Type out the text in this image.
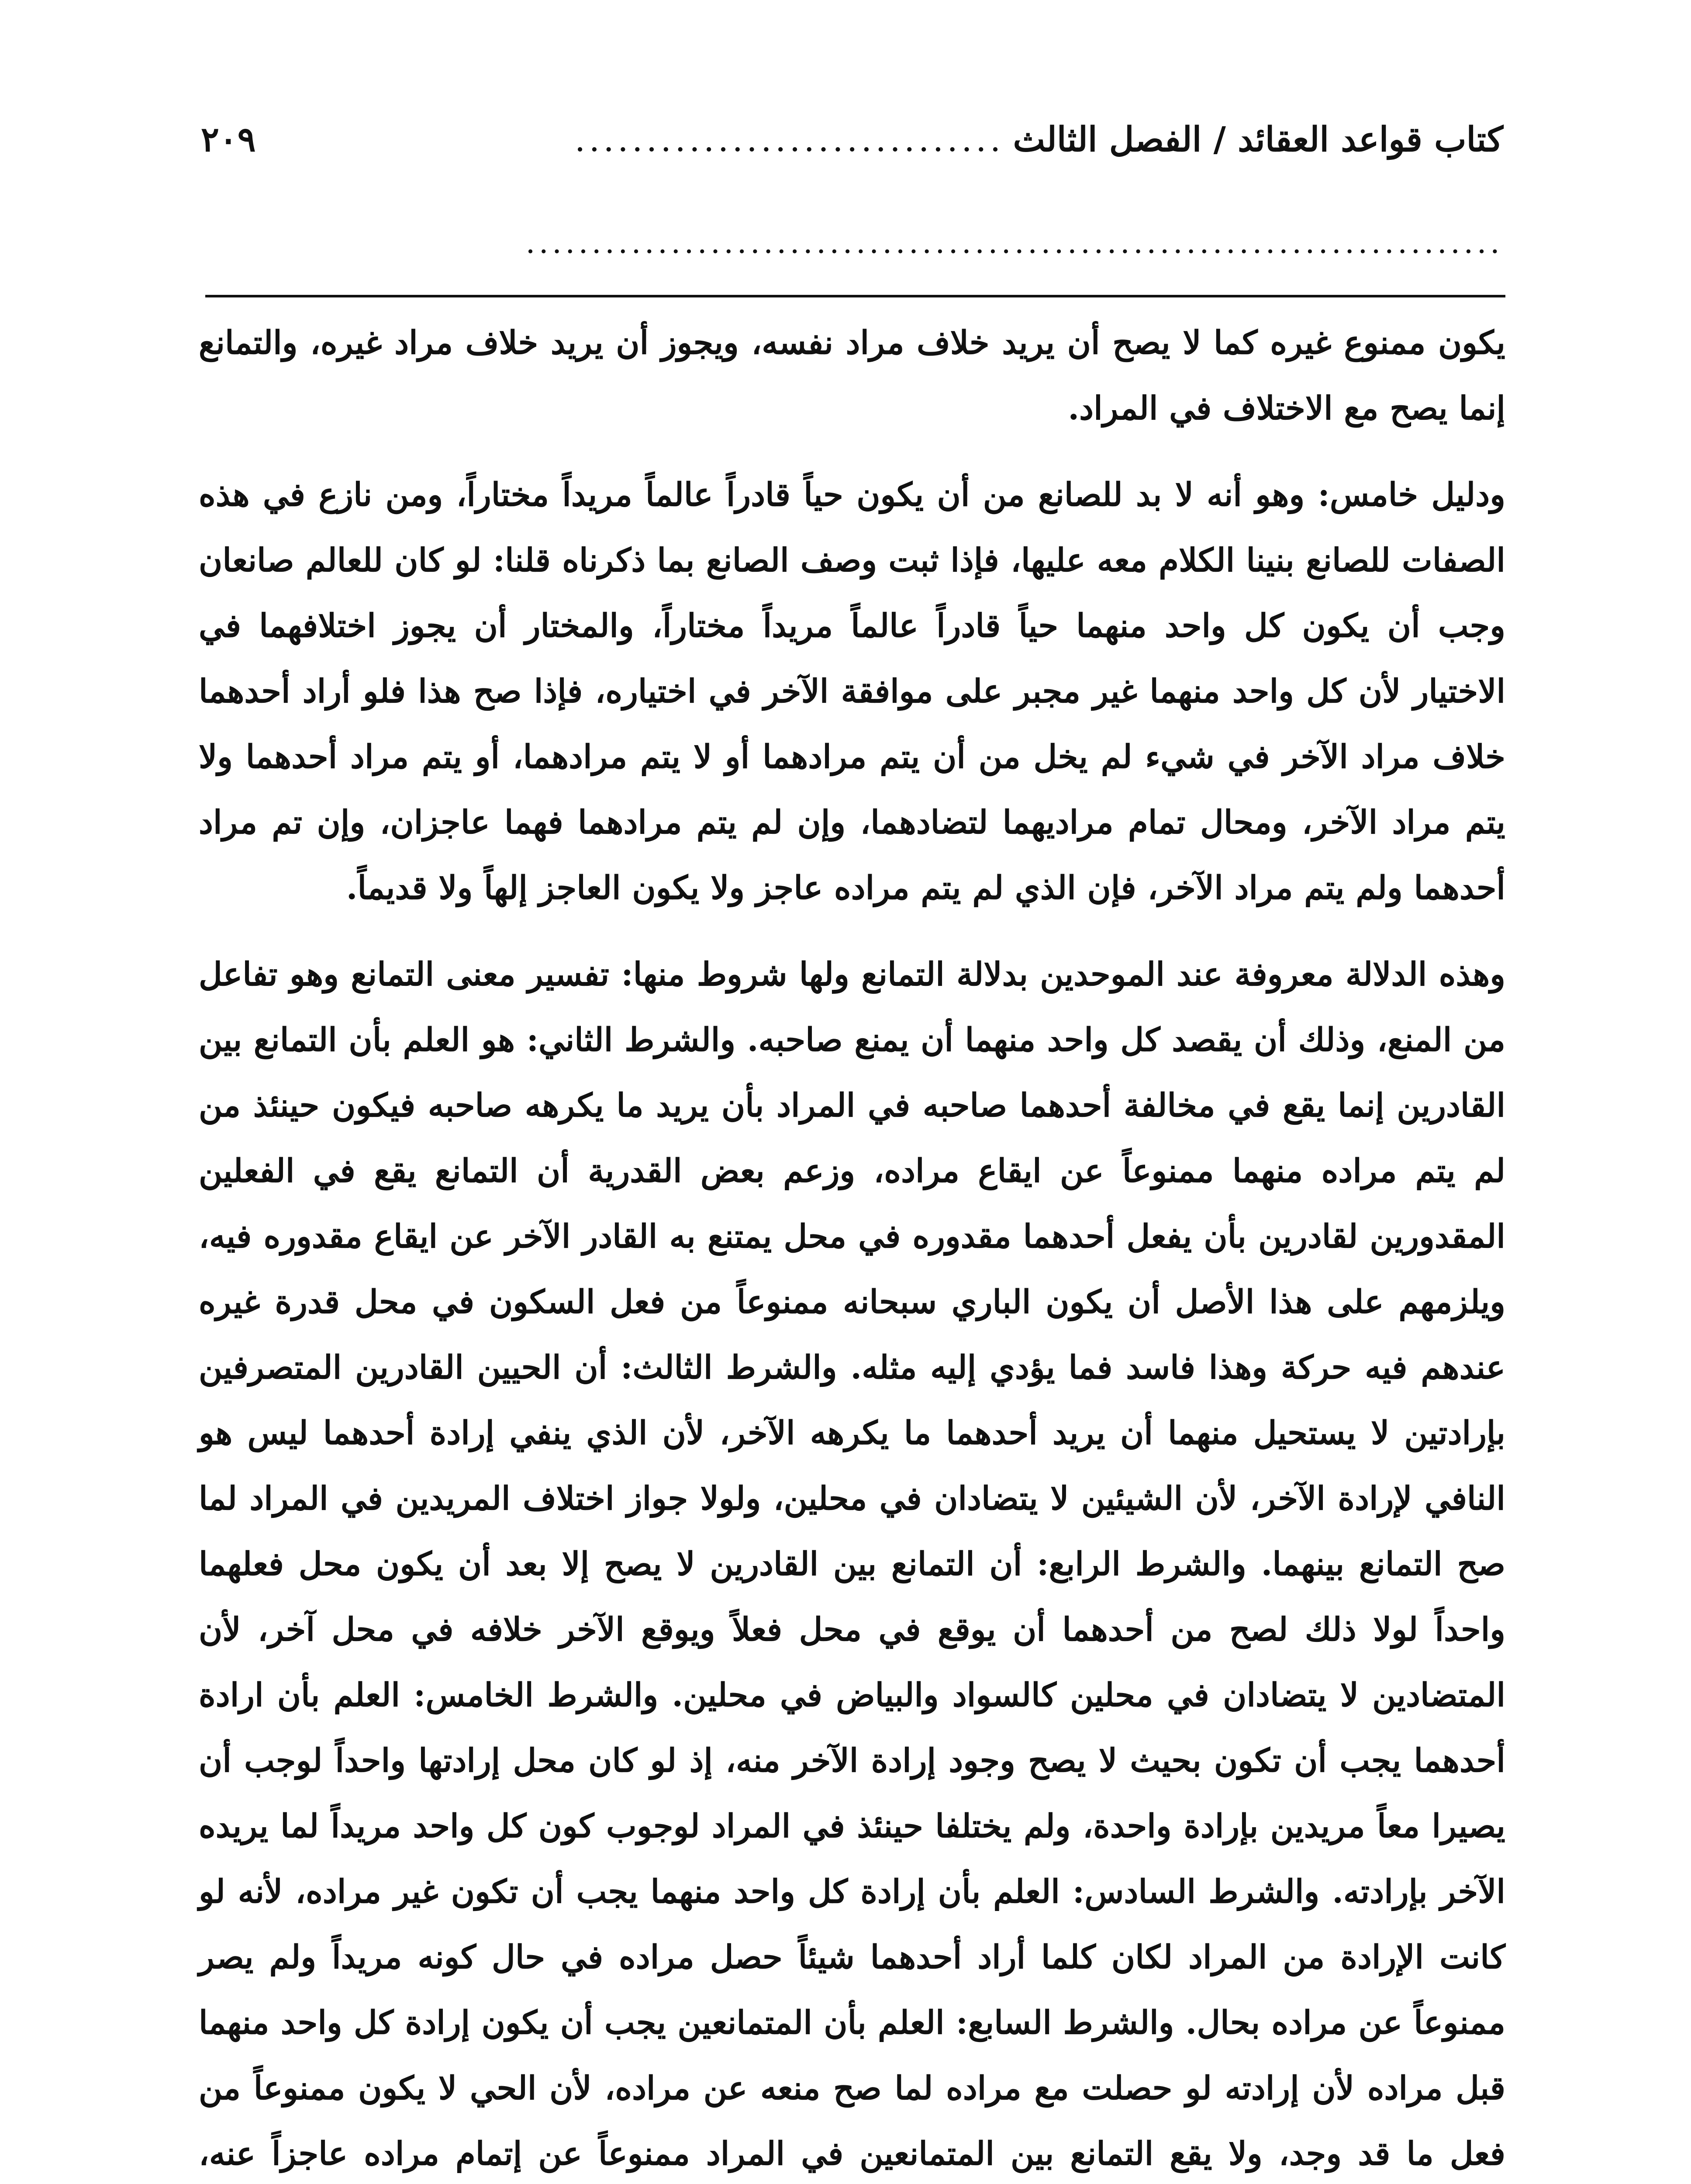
كتاب قواعد العقائد / الفصل الثالث
..............................
٢٠٩
..........................................................................

يكون ممنوع غيره كما لا يصح أن يريد خلاف مراد نفسه، ويجوز أن يريد خلاف مراد غيره، والتمانع إنما يصح مع الاختلاف في المراد.

ودليل خامس: وهو أنه لا بد للصانع من أن يكون حياً قادراً عالماً مريداً مختاراً، ومن نازع في هذه الصفات للصانع بنينا الكلام معه عليها، فإذا ثبت وصف الصانع بما ذكرناه قلنا: لو كان للعالم صانعان وجب أن يكون كل واحد منهما حياً قادراً عالماً مريداً مختاراً، والمختار أن يجوز اختلافهما في الاختيار لأن كل واحد منهما غير مجبر على موافقة الآخر في اختياره، فإذا صح هذا فلو أراد أحدهما خلاف مراد الآخر في شيء لم يخل من أن يتم مرادهما أو لا يتم مرادهما، أو يتم مراد أحدهما ولا يتم مراد الآخر، ومحال تمام مراديهما لتضادهما، وإن لم يتم مرادهما فهما عاجزان، وإن تم مراد أحدهما ولم يتم مراد الآخر، فإن الذي لم يتم مراده عاجز ولا يكون العاجز إلهاً ولا قديماً.

وهذه الدلالة معروفة عند الموحدين بدلالة التمانع ولها شروط منها: تفسير معنى التمانع وهو تفاعل من المنع، وذلك أن يقصد كل واحد منهما أن يمنع صاحبه. والشرط الثاني: هو العلم بأن التمانع بين القادرين إنما يقع في مخالفة أحدهما صاحبه في المراد بأن يريد ما يكرهه صاحبه فيكون حينئذ من لم يتم مراده منهما ممنوعاً عن ايقاع مراده، وزعم بعض القدرية أن التمانع يقع في الفعلين المقدورين لقادرين بأن يفعل أحدهما مقدوره في محل يمتنع به القادر الآخر عن ايقاع مقدوره فيه، ويلزمهم على هذا الأصل أن يكون الباري سبحانه ممنوعاً من فعل السكون في محل قدرة غيره عندهم فيه حركة وهذا فاسد فما يؤدي إليه مثله. والشرط الثالث: أن الحيين القادرين المتصرفين بإرادتين لا يستحيل منهما أن يريد أحدهما ما يكرهه الآخر، لأن الذي ينفي إرادة أحدهما ليس هو النافي لإرادة الآخر، لأن الشيئين لا يتضادان في محلين، ولولا جواز اختلاف المريدين في المراد لما صح التمانع بينهما. والشرط الرابع: أن التمانع بين القادرين لا يصح إلا بعد أن يكون محل فعلهما واحداً لولا ذلك لصح من أحدهما أن يوقع في محل فعلاً ويوقع الآخر خلافه في محل آخر، لأن المتضادين لا يتضادان في محلين كالسواد والبياض في محلين. والشرط الخامس: العلم بأن ارادة أحدهما يجب أن تكون بحيث لا يصح وجود إرادة الآخر منه، إذ لو كان محل إرادتها واحداً لوجب أن يصيرا معاً مريدين بإرادة واحدة، ولم يختلفا حينئذ في المراد لوجوب كون كل واحد مريداً لما يريده الآخر بإرادته. والشرط السادس: العلم بأن إرادة كل واحد منهما يجب أن تكون غير مراده، لأنه لو كانت الإرادة من المراد لكان كلما أراد أحدهما شيئاً حصل مراده في حال كونه مريداً ولم يصر ممنوعاً عن مراده بحال. والشرط السابع: العلم بأن المتمانعين يجب أن يكون إرادة كل واحد منهما قبل مراده لأن إرادته لو حصلت مع مراده لما صح منعه عن مراده، لأن الحي لا يكون ممنوعاً من فعل ما قد وجد، ولا يقع التمانع بين المتمانعين في المراد ممنوعاً عن إتمام مراده عاجزاً عنه،
